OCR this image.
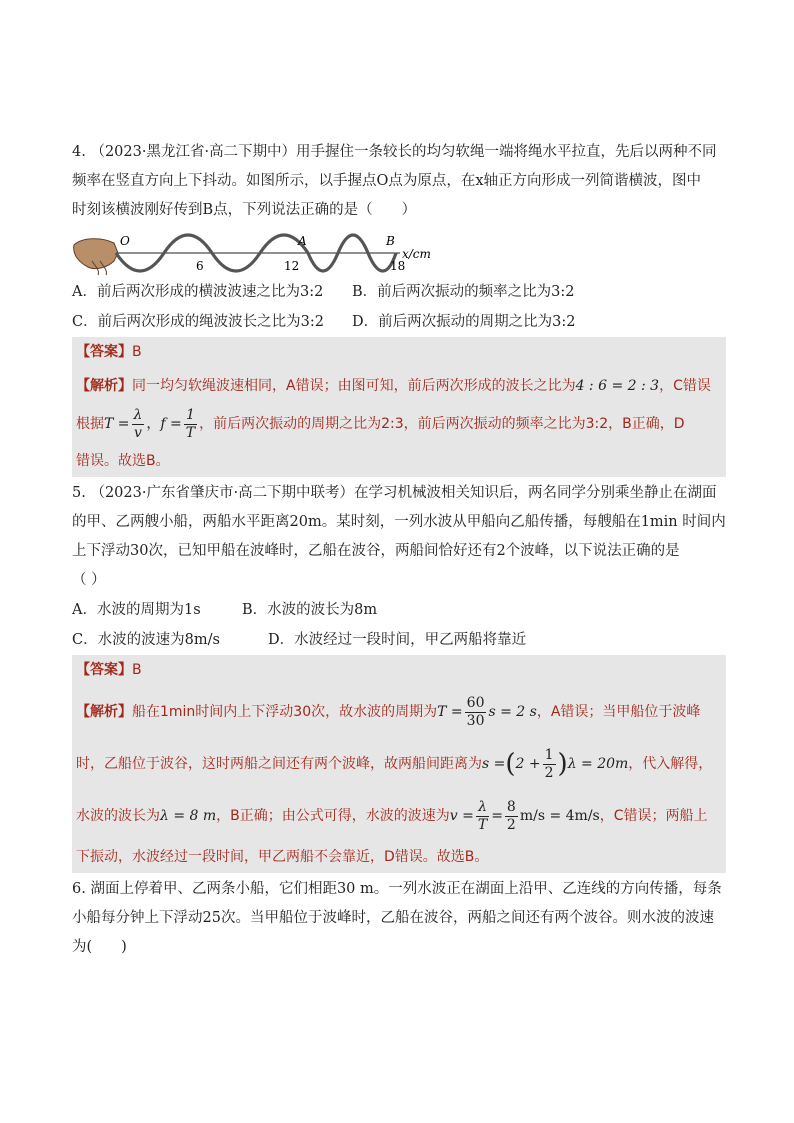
4. （2023·黑龙江省·高二下期中）用手握住一条较长的均匀软绳一端将绳水平拉直，先后以两种不同

频率在竖直方向上下抖动。如图所示，以手握点O点为原点，在x轴正方向形成一列简谐横波，图中

时刻该横波刚好传到B点，下列说法正确的是（　　）

O	A	B
6	12	18
x/cm
A．前后两次形成的横波波速之比为3:2	B．前后两次振动的频率之比为3:2
C．前后两次形成的绳波波长之比为3:2	D．前后两次振动的周期之比为3:2
【答案】B
【解析】同一均匀软绳波速相同，A错误；由图可知，前后两次形成的波长之比为4 : 6 = 2 : 3，C错误
根据$T = \frac{\lambda}{v}$ ，$f = \frac{1}{T}$ ，前后两次振动的周期之比为2:3，前后两次振动的频率之比为3:2，B正确，D
错误。故选B。

5. （2023·广东省肇庆市·高二下期中联考）在学习机械波相关知识后，两名同学分别乘坐静止在湖面

的甲、乙两艘小船，两船水平距离20m。某时刻，一列水波从甲船向乙船传播，每艘船在1min 时间内

上下浮动30次，已知甲船在波峰时，乙船在波谷，两船间恰好还有2个波峰，以下说法正确的是

（ ）

A．水波的周期为1s	B．水波的波长为8m
C．水波的波速为8m/s	D．水波经过一段时间，甲乙两船将靠近
【答案】B
【解析】船在1min时间内上下浮动30次，故水波的周期为$T = \frac{60}{30}$ s = 2 s，A错误；当甲船位于波峰
时，乙船位于波谷，这时两船之间还有两个波峰，故两船间距离为$s =(2 + \frac{1}{2} )\lambda = 20m$，代入解得，
水波的波长为λ = 8 m，B正确；由公式可得，水波的波速为$v = \frac{\lambda}{T} = \frac{8}{2} m/s = 4m/s$，C错误；两船上
下振动，水波经过一段时间，甲乙两船不会靠近，D错误。故选B。

6. 湖面上停着甲、乙两条小船，它们相距30 m。一列水波正在湖面上沿甲、乙连线的方向传播，每条

小船每分钟上下浮动25次。当甲船位于波峰时，乙船在波谷，两船之间还有两个波谷。则水波的波速

为(　　)
